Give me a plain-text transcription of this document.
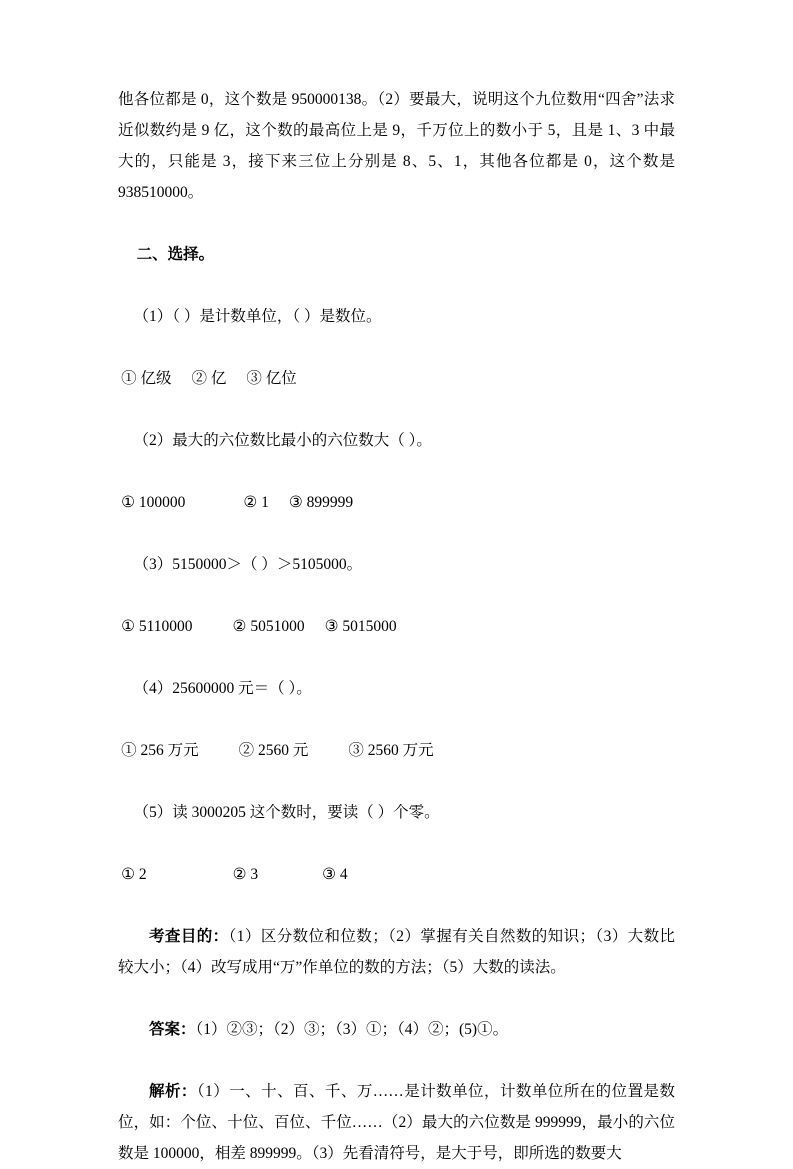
他各位都是 0，这个数是 950000138。（2）要最大，说明这个九位数用“四舍”法求近似数约是 9 亿，这个数的最高位上是 9，千万位上的数小于 5，且是 1、3 中最大的，只能是 3，接下来三位上分别是 8、5、1，其他各位都是 0，这个数是 938510000。

二、选择。

（1）（ ）是计数单位，（ ）是数位。

① 亿级 ② 亿 ③ 亿位

（2）最大的六位数比最小的六位数大（ ）。

① 100000	② 1 ③ 899999

（3）5150000＞（ ）＞5105000。

① 5110000	② 5051000 ③ 5015000

（4）25600000 元＝（ ）。

① 256 万元	② 2560 元	③ 2560 万元

（5）读 3000205 这个数时，要读（ ）个零。

① 2	② 3	③ 4

考查目的：（1）区分数位和位数；（2）掌握有关自然数的知识；（3）大数比较大小；（4）改写成用“万”作单位的数的方法；（5）大数的读法。

答案：（1）②③；（2）③；（3）①；（4）②；(5)①。

解析：（1）一、十、百、千、万……是计数单位，计数单位所在的位置是数位，如：个位、十位、百位、千位……（2）最大的六位数是 999999，最小的六位数是 100000，相差 899999。（3）先看清符号，是大于号，即所选的数要大
